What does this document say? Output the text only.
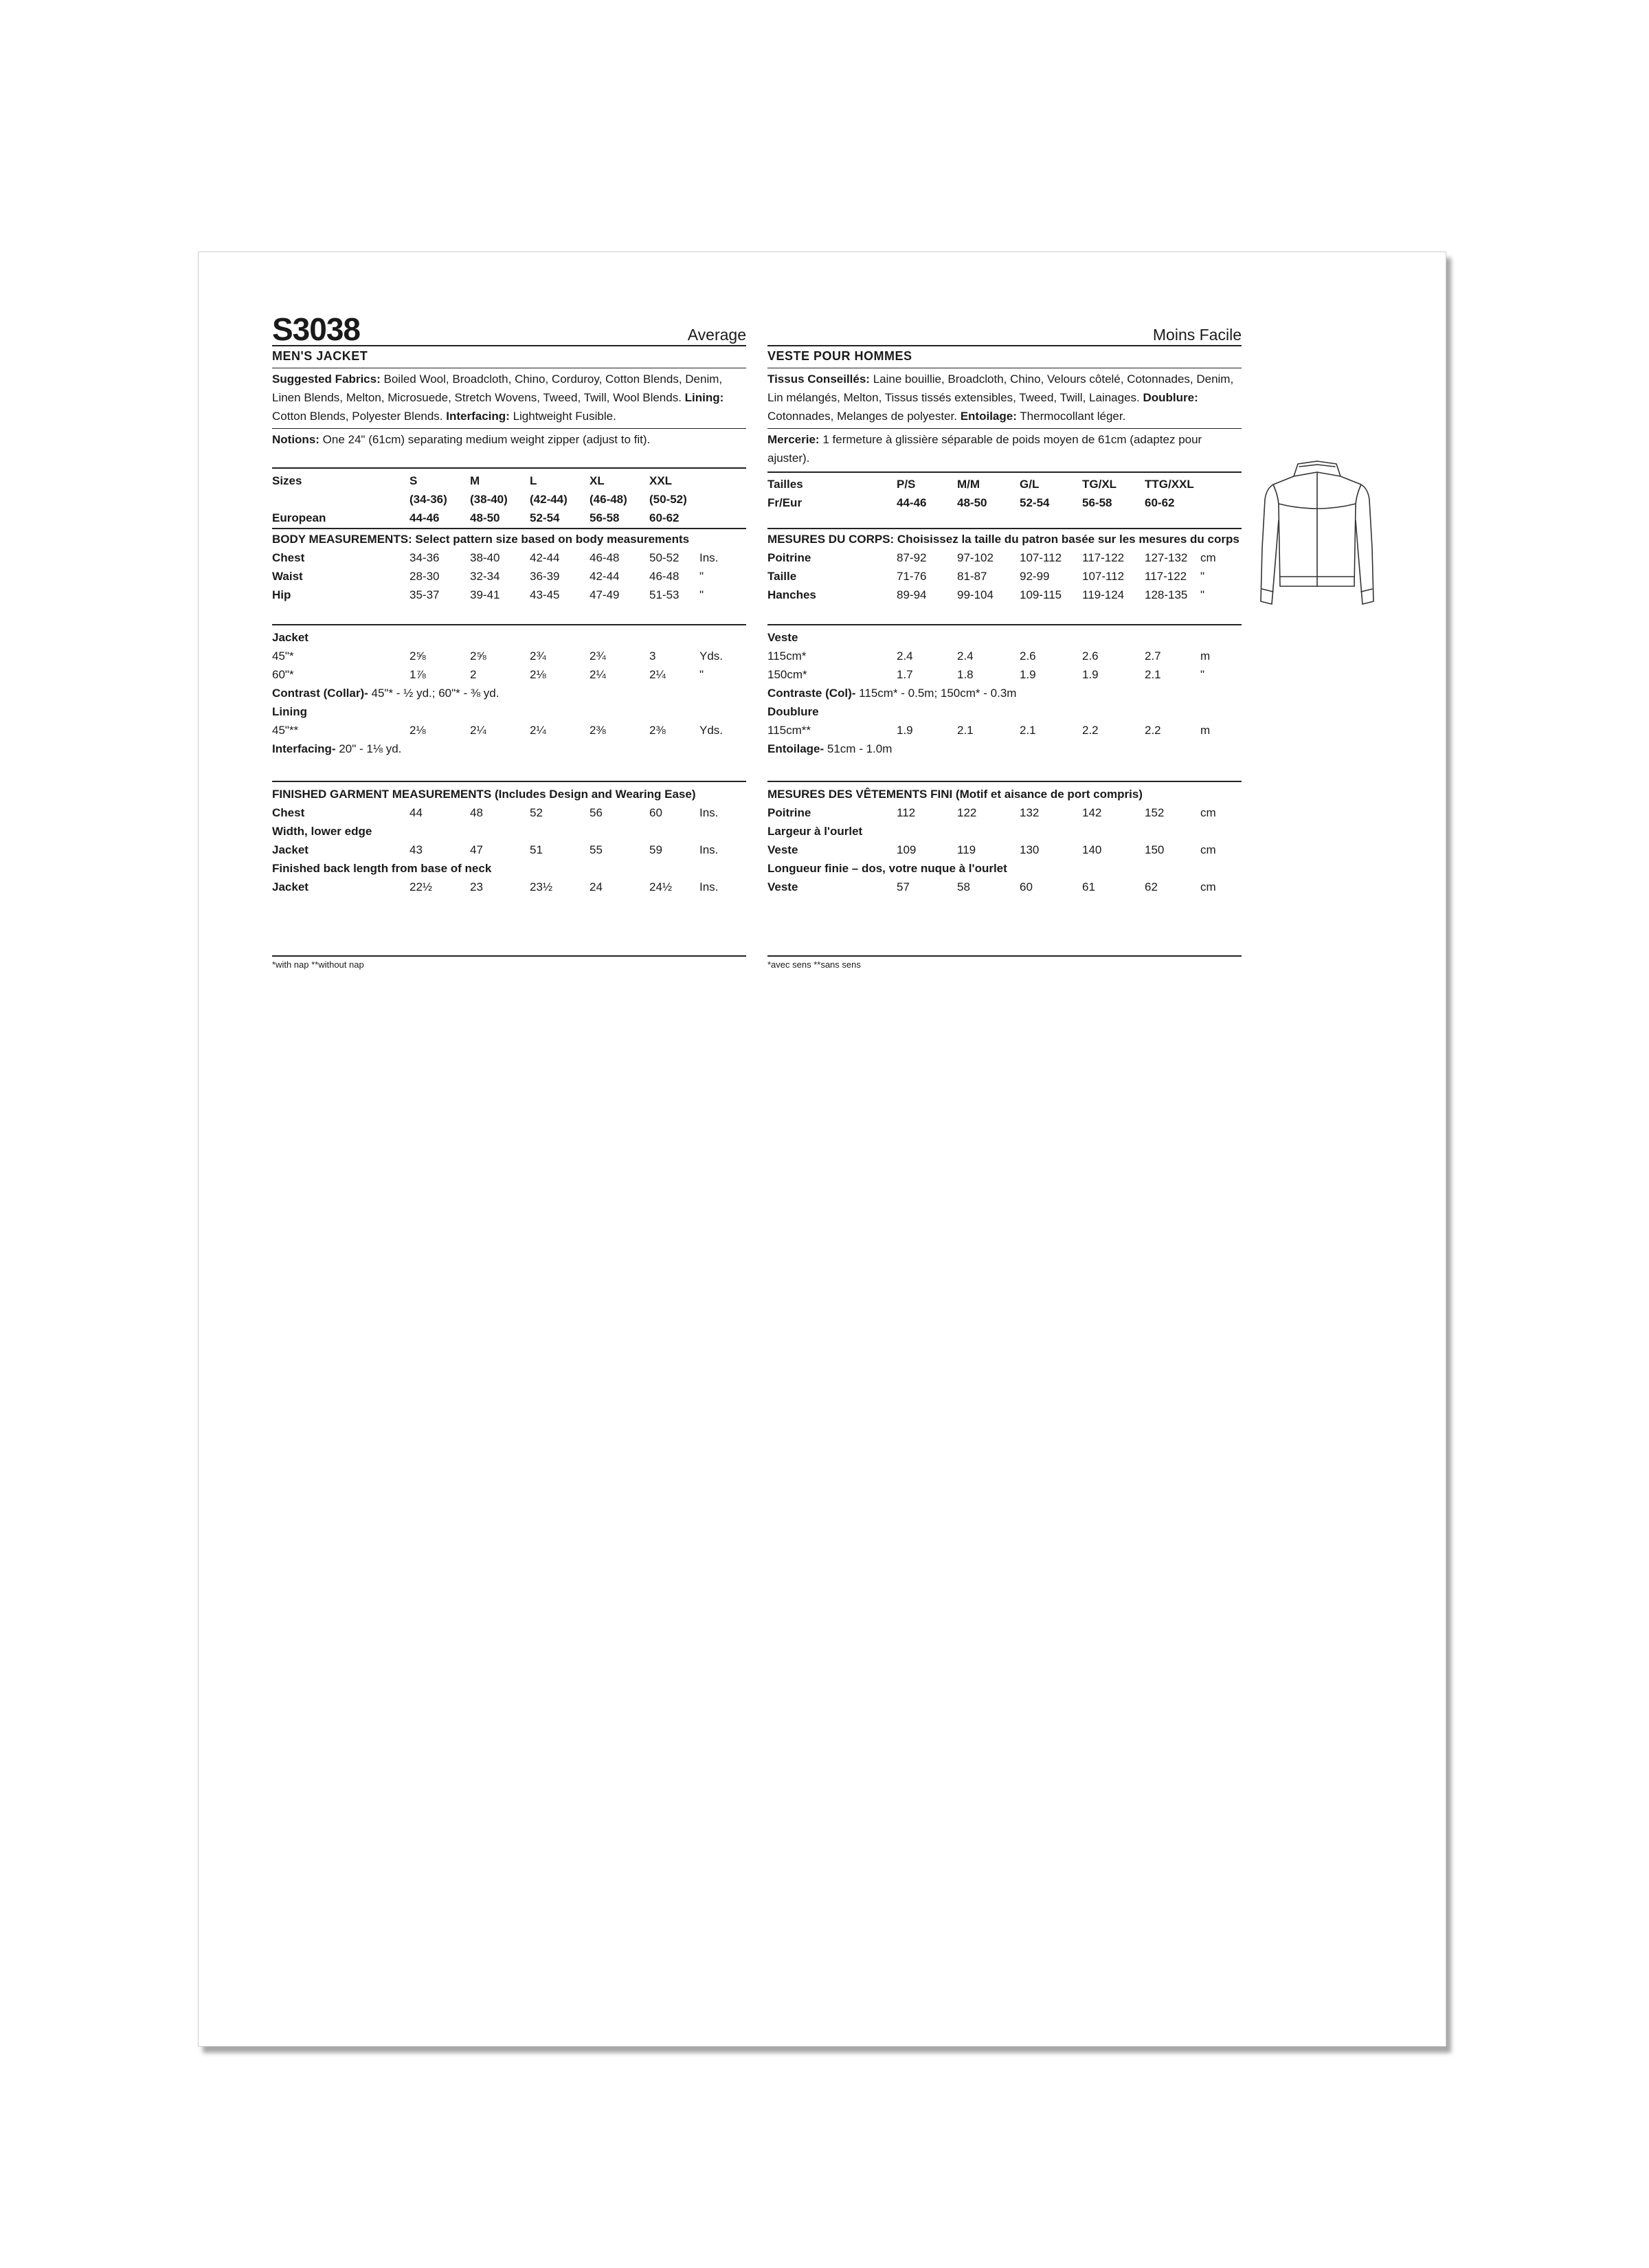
S3038	Average
MEN'S JACKET
Suggested Fabrics: Boiled Wool, Broadcloth, Chino, Corduroy, Cotton Blends, Denim, Linen Blends, Melton, Microsuede, Stretch Wovens, Tweed, Twill, Wool Blends. Lining: Cotton Blends, Polyester Blends. Interfacing: Lightweight Fusible.
Notions: One 24" (61cm) separating medium weight zipper (adjust to fit).
Sizes	S	M	L	XL	XXL
(34-36) (38-40) (42-44) (46-48) (50-52)
European	44-46	48-50	52-54	56-58	60-62
BODY MEASUREMENTS: Select pattern size based on body measurements
Chest	34-36	38-40	42-44	46-48	50-52 Ins.
Waist	28-30	32-34	36-39	42-44	46-48 "
Hip	35-37	39-41	43-45	47-49	51-53 "
Jacket
45"*	2⅝	2⅝	2¾	2¾	3	Yds.
60"*	1⅞	2	2⅛	2¼	2¼	"
Contrast (Collar)- 45"* - ½ yd.; 60"* - ⅜ yd.
Lining
45"**	2⅛	2¼	2¼	2⅜	2⅜	Yds.
Interfacing- 20" - 1⅛ yd.
FINISHED GARMENT MEASUREMENTS (Includes Design and Wearing Ease)
Chest	44	48	52	56	60	Ins.
Width, lower edge
Jacket	43	47	51	55	59	Ins.
Finished back length from base of neck
Jacket	22½	23	23½	24	24½ Ins.
*with nap **without nap
Moins Facile
VESTE POUR HOMMES
Tissus Conseillés: Laine bouillie, Broadcloth, Chino, Velours côtelé, Cotonnades, Denim, Lin mélangés, Melton, Tissus tissés extensibles, Tweed, Twill, Lainages. Doublure: Cotonnades, Melanges de polyester. Entoilage: Thermocollant léger.
Mercerie: 1 fermeture à glissière séparable de poids moyen de 61cm (adaptez pour ajuster).
Tailles	P/S	M/M	G/L	TG/XL TTG/XXL
Fr/Eur	44-46	48-50	52-54	56-58	60-62
MESURES DU CORPS: Choisissez la taille du patron basée sur les mesures du corps
Poitrine	87-92	97-102 107-112 117-122 127-132 cm
Taille	71-76	81-87	92-99	107-112 117-122 "
Hanches	89-94	99-104 109-115 119-124 128-135 "
Veste
115cm*	2.4	2.4	2.6	2.6	2.7	m
150cm*	1.7	1.8	1.9	1.9	2.1	"
Contraste (Col)- 115cm* - 0.5m; 150cm* - 0.3m
Doublure
115cm**	1.9	2.1	2.1	2.2	2.2	m
Entoilage- 51cm - 1.0m
MESURES DES VÊTEMENTS FINI (Motif et aisance de port compris)
Poitrine	112	122	132	142	152	cm
Largeur à l'ourlet
Veste	109	119	130	140	150	cm
Longueur finie – dos, votre nuque à l'ourlet
Veste	57	58	60	61	62	cm
*avec sens **sans sens
